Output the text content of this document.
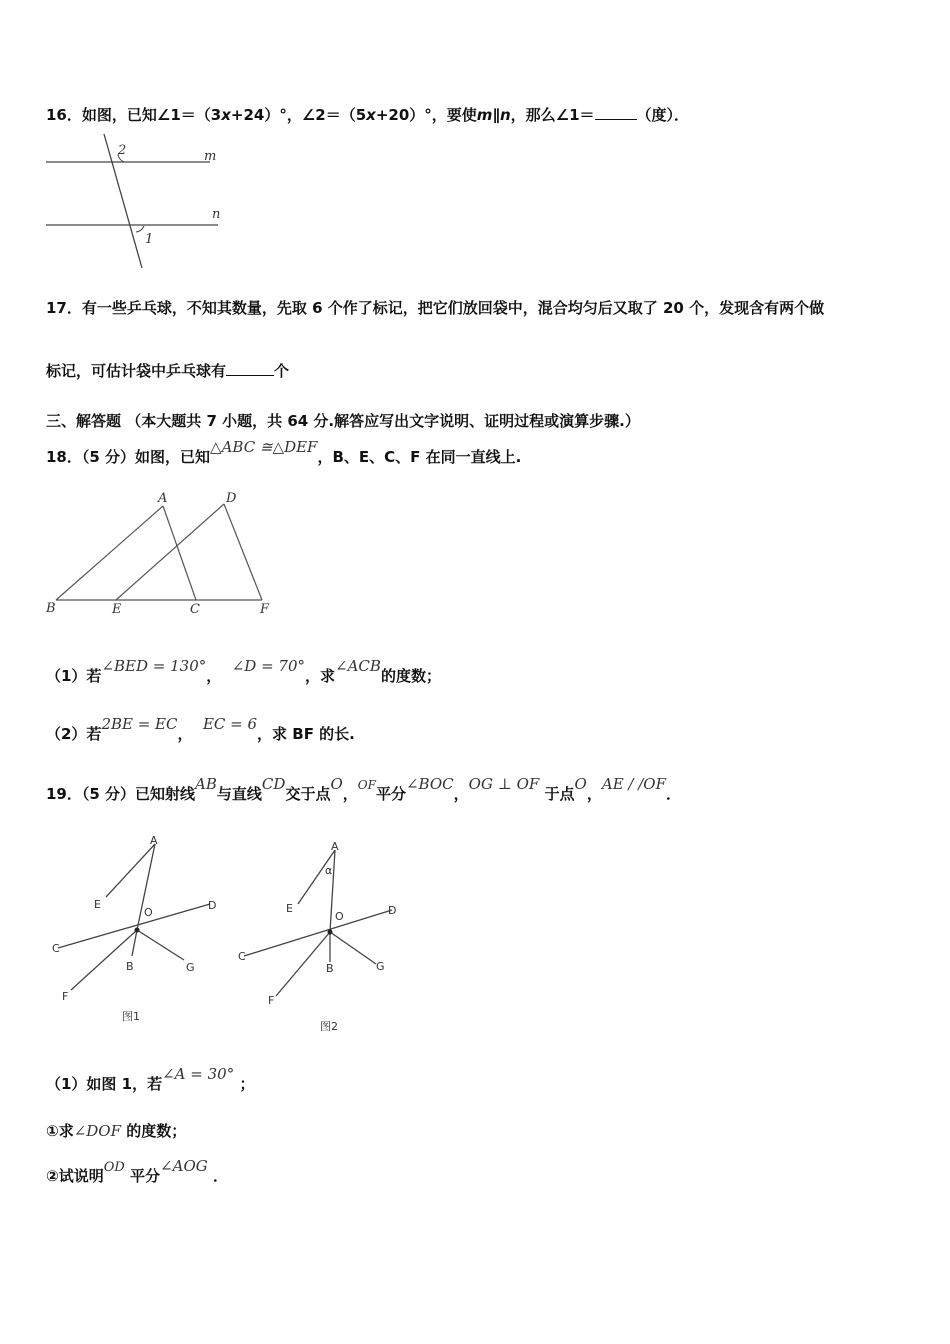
16．如图，已知∠1＝（3x+24）°，∠2＝（5x+20）°，要使m∥n，那么∠1＝	（度）．
2
1
m
n
17．有一些乒乓球，不知其数量，先取 6 个作了标记，把它们放回袋中，混合均匀后又取了 20 个，发现含有两个做
标记，可估计袋中乒乓球有	个
三、解答题 （本大题共 7 小题，共 64 分.解答应写出文字说明、证明过程或演算步骤.）
18．（5 分）如图，已知△ABC ≅△DEF，B、E、C、F 在同一直线上.
A	D
B	E	C	F
（1）若∠BED = 130°，  ∠D = 70°，求∠ACB的度数；
（2）若2BE = EC，  EC = 6，求 BF 的长.
19．（5 分）已知射线AB与直线CD交于点O，$^{OF}$平分∠BOC，OG ⊥ OF 于点O，AE / /OF．
A
E
O
D
C
B	G
F
图1
A
α
E
O	D
C
B	G
F
图2
（1）如图 1，若∠A = 30° ；
①求∠DOF 的度数；
②试说明OD 平分∠AOG ．
